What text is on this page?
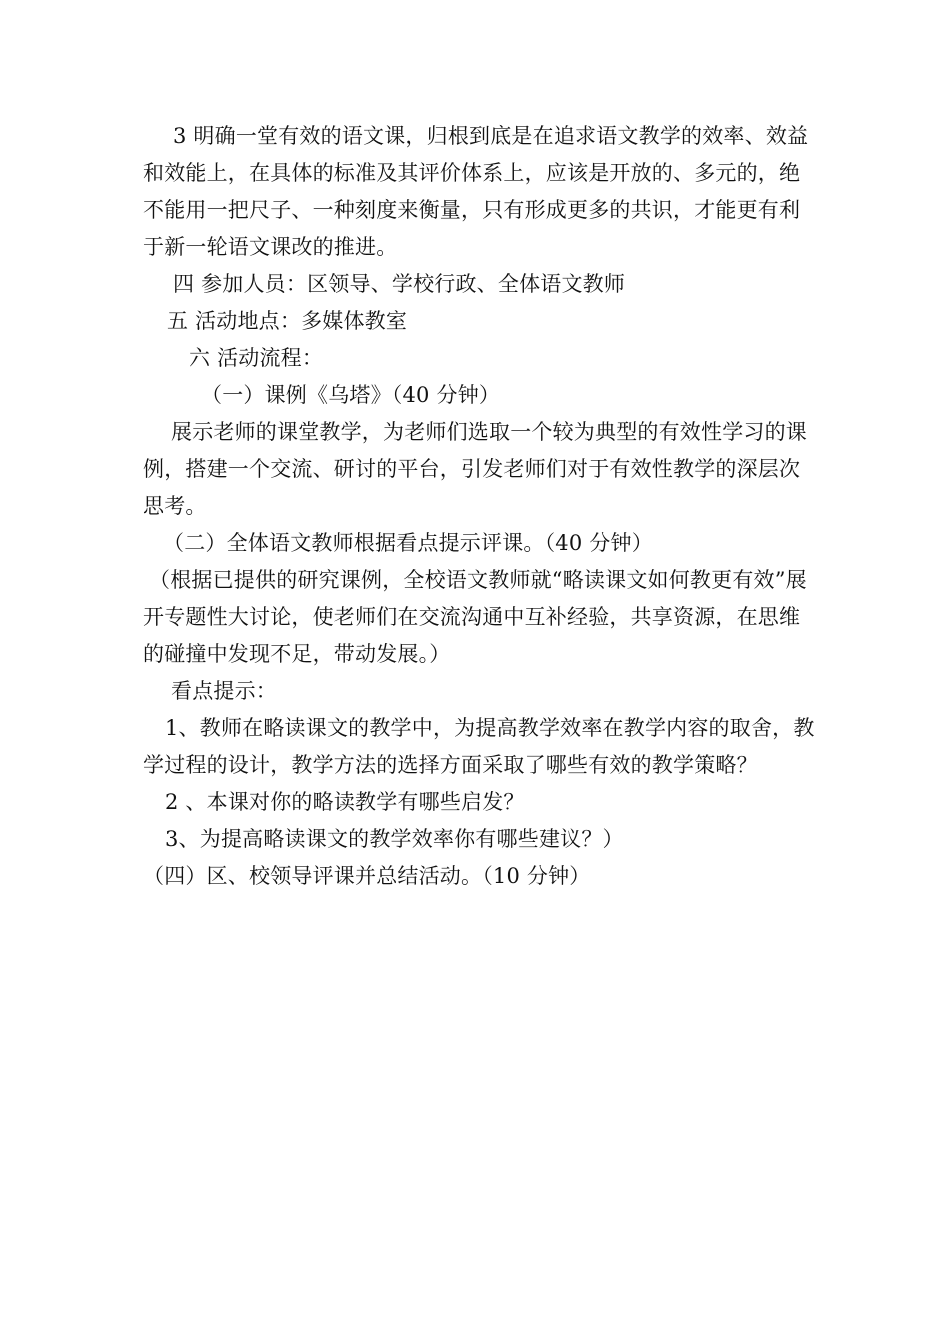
3 明确一堂有效的语文课，归根到底是在追求语文教学的效率、效益和效能上，在具体的标准及其评价体系上，应该是开放的、多元的，绝不能用一把尺子、一种刻度来衡量，只有形成更多的共识，才能更有利于新一轮语文课改的推进。

四 参加人员：区领导、学校行政、全体语文教师

五 活动地点：多媒体教室

六 活动流程：

（一）课例《乌塔》（40 分钟）

展示老师的课堂教学，为老师们选取一个较为典型的有效性学习的课例，搭建一个交流、研讨的平台，引发老师们对于有效性教学的深层次思考。

（二）全体语文教师根据看点提示评课。（40 分钟）

（根据已提供的研究课例，全校语文教师就“略读课文如何教更有效”展开专题性大讨论，使老师们在交流沟通中互补经验，共享资源，在思维的碰撞中发现不足，带动发展。）

看点提示：

1、教师在略读课文的教学中，为提高教学效率在教学内容的取舍，教学过程的设计，教学方法的选择方面采取了哪些有效的教学策略？

2 、本课对你的略读教学有哪些启发？

3、为提高略读课文的教学效率你有哪些建议？）

（四）区、校领导评课并总结活动。（10 分钟）
